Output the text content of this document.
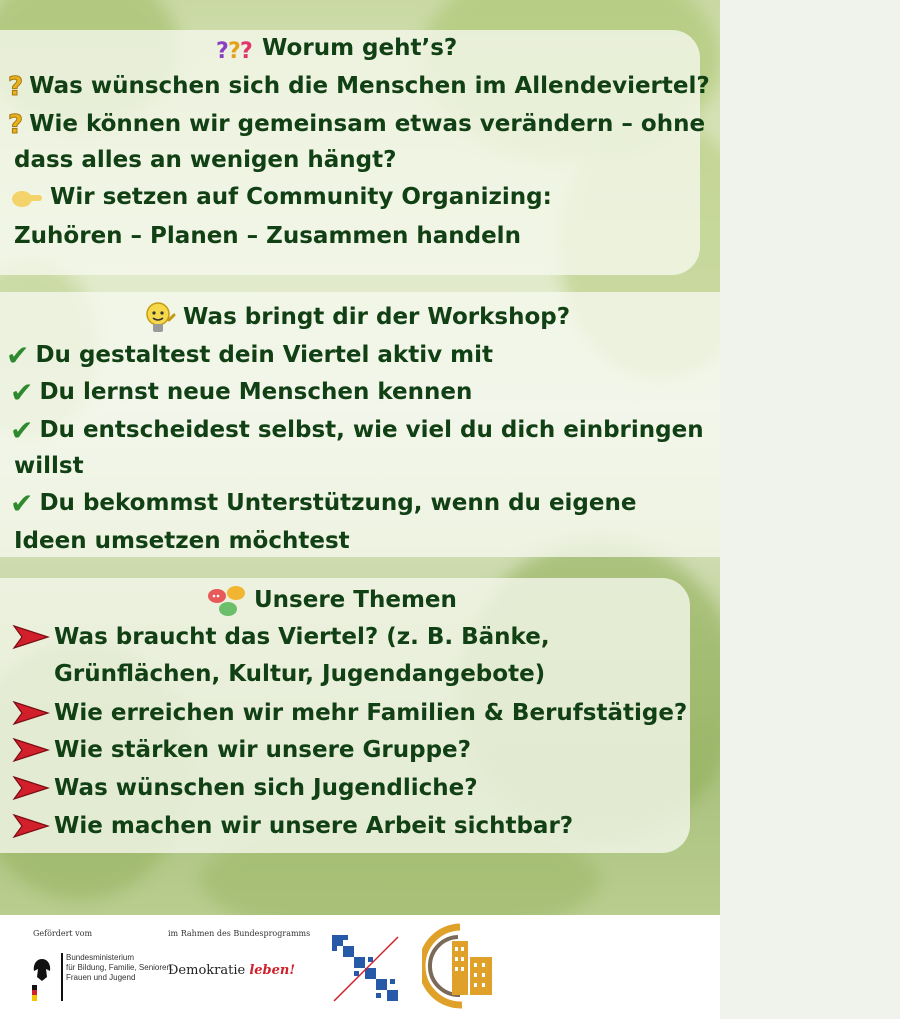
? ? ? Worum geht’s?
? Was wünschen sich die Menschen im Allendeviertel?
? Wie können wir gemeinsam etwas verändern – ohne
dass alles an wenigen hängt?
Wir setzen auf Community Organizing:
Zuhören – Planen – Zusammen handeln
Was bringt dir der Workshop?
✔ Du gestaltest dein Viertel aktiv mit
✔ Du lernst neue Menschen kennen
✔ Du entscheidest selbst, wie viel du dich einbringen
willst
✔ Du bekommst Unterstützung, wenn du eigene
Ideen umsetzen möchtest
Unsere Themen
Was braucht das Viertel? (z. B. Bänke,
Grünflächen, Kultur, Jugendangebote)
Wie erreichen wir mehr Familien & Berufstätige?
Wie stärken wir unsere Gruppe?
Was wünschen sich Jugendliche?
Wie machen wir unsere Arbeit sichtbar?
Gefördert vom
Bundesministerium
für Bildung, Familie, Senioren,
Frauen und Jugend
im Rahmen des Bundesprogramms
Demokratie leben!
